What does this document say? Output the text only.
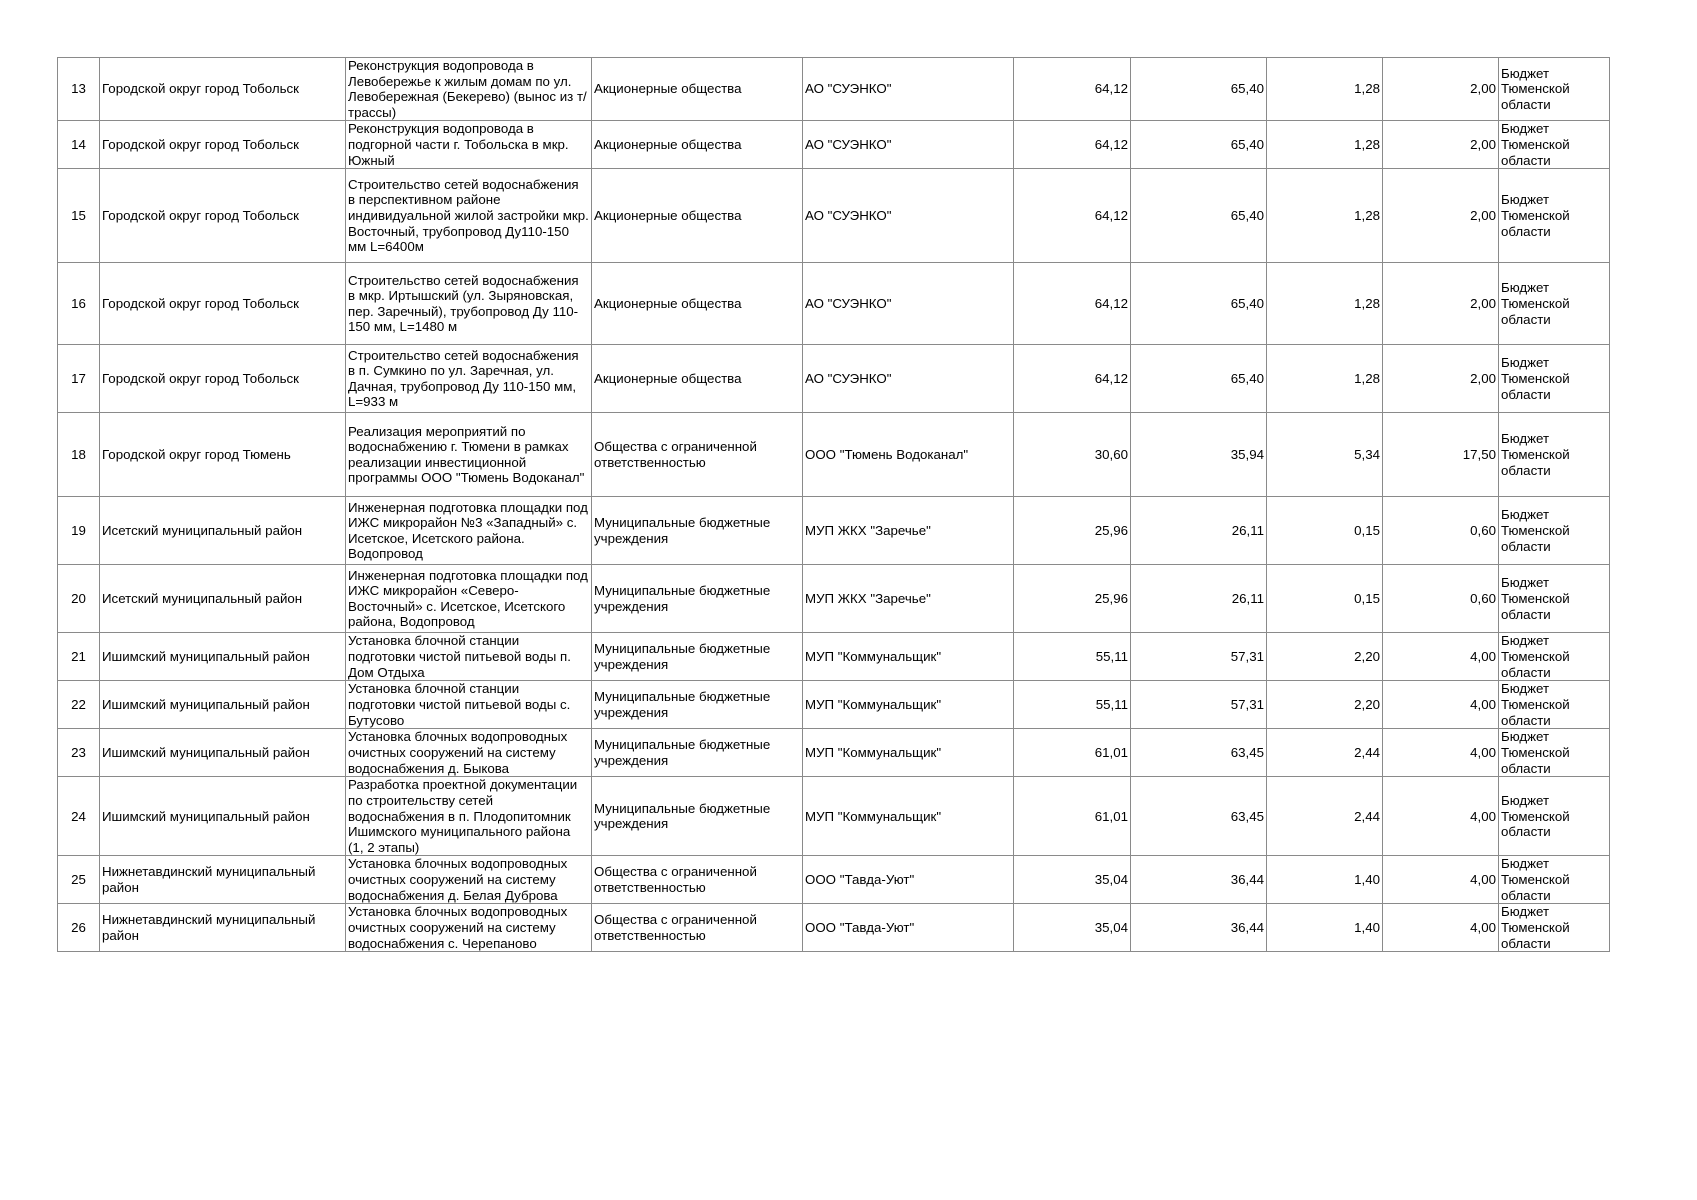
13	Городской округ город Тобольск	Реконструкция водопровода в Левобережье к жилым домам по ул. Левобережная (Бекерево) (вынос из т/трассы)	Акционерные общества	АО "СУЭНКО"	64,12	65,40	1,28	2,00	Бюджет Тюменской области
14	Городской округ город Тобольск	Реконструкция водопровода в подгорной части г. Тобольска в мкр. Южный	Акционерные общества	АО "СУЭНКО"	64,12	65,40	1,28	2,00	Бюджет Тюменской области
15	Городской округ город Тобольск	Строительство сетей водоснабжения в перспективном районе индивидуальной жилой застройки мкр. Восточный, трубопровод Ду110-150 мм L=6400м	Акционерные общества	АО "СУЭНКО"	64,12	65,40	1,28	2,00	Бюджет Тюменской области
16	Городской округ город Тобольск	Строительство сетей водоснабжения в мкр. Иртышский (ул. Зыряновская, пер. Заречный), трубопровод Ду 110-150 мм, L=1480 м	Акционерные общества	АО "СУЭНКО"	64,12	65,40	1,28	2,00	Бюджет Тюменской области
17	Городской округ город Тобольск	Строительство сетей водоснабжения в п. Сумкино по ул. Заречная, ул. Дачная, трубопровод Ду 110-150 мм, L=933 м	Акционерные общества	АО "СУЭНКО"	64,12	65,40	1,28	2,00	Бюджет Тюменской области
18	Городской округ город Тюмень	Реализация мероприятий по водоснабжению г. Тюмени в рамках реализации инвестиционной программы ООО "Тюмень Водоканал"	Общества с ограниченной ответственностью	ООО "Тюмень Водоканал"	30,60	35,94	5,34	17,50	Бюджет Тюменской области
19	Исетский муниципальный район	Инженерная подготовка площадки под ИЖС микрорайон №3 «Западный» с. Исетское, Исетского района. Водопровод	Муниципальные бюджетные учреждения	МУП ЖКХ "Заречье"	25,96	26,11	0,15	0,60	Бюджет Тюменской области
20	Исетский муниципальный район	Инженерная подготовка площадки под ИЖС микрорайон «Северо-Восточный» с. Исетское, Исетского района, Водопровод	Муниципальные бюджетные учреждения	МУП ЖКХ "Заречье"	25,96	26,11	0,15	0,60	Бюджет Тюменской области
21	Ишимский муниципальный район	Установка блочной станции подготовки чистой питьевой воды п. Дом Отдыха	Муниципальные бюджетные учреждения	МУП "Коммунальщик"	55,11	57,31	2,20	4,00	Бюджет Тюменской области
22	Ишимский муниципальный район	Установка блочной станции подготовки чистой питьевой воды с. Бутусово	Муниципальные бюджетные учреждения	МУП "Коммунальщик"	55,11	57,31	2,20	4,00	Бюджет Тюменской области
23	Ишимский муниципальный район	Установка блочных водопроводных очистных сооружений на систему водоснабжения д. Быкова	Муниципальные бюджетные учреждения	МУП "Коммунальщик"	61,01	63,45	2,44	4,00	Бюджет Тюменской области
24	Ишимский муниципальный район	Разработка проектной документации по строительству сетей водоснабжения в п. Плодопитомник Ишимского муниципального района (1, 2 этапы)	Муниципальные бюджетные учреждения	МУП "Коммунальщик"	61,01	63,45	2,44	4,00	Бюджет Тюменской области
25	Нижнетавдинский муниципальный район	Установка блочных водопроводных очистных сооружений на систему водоснабжения д. Белая Дуброва	Общества с ограниченной ответственностью	ООО "Тавда-Уют"	35,04	36,44	1,40	4,00	Бюджет Тюменской области
26	Нижнетавдинский муниципальный район	Установка блочных водопроводных очистных сооружений на систему водоснабжения с. Черепаново	Общества с ограниченной ответственностью	ООО "Тавда-Уют"	35,04	36,44	1,40	4,00	Бюджет Тюменской области
